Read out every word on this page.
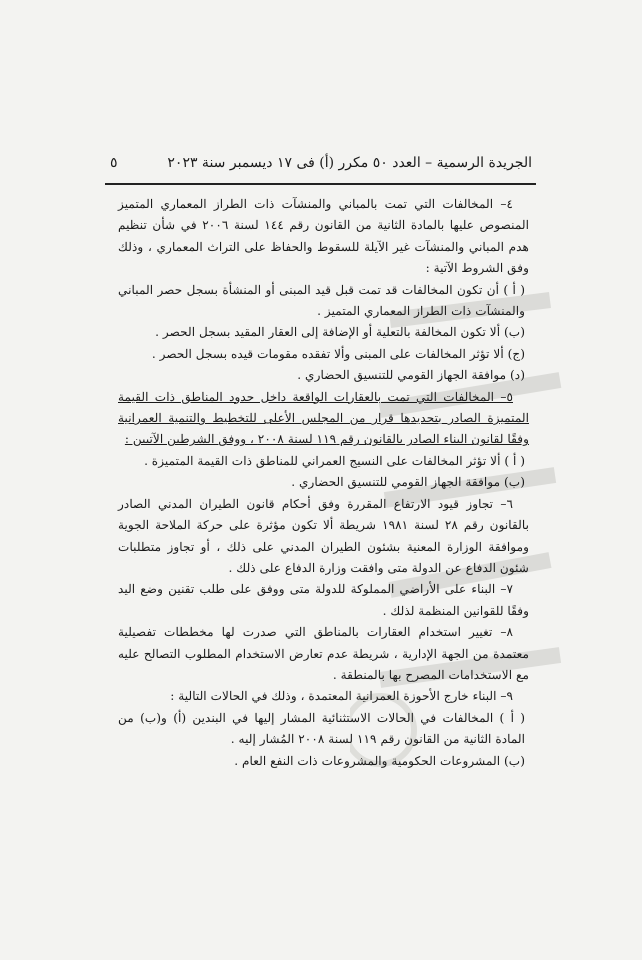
الجريدة الرسمية – العدد ٥٠ مكرر (أ) فى ١٧ ديسمبر سنة ٢٠٢٣
٥

٤– المخالفات التي تمت بالمباني والمنشآت ذات الطراز المعماري المتميز المنصوص عليها بالمادة الثانية من القانون رقم ١٤٤ لسنة ٢٠٠٦ في شأن تنظيم هدم المباني والمنشآت غير الآيلة للسقوط والحفاظ على التراث المعماري ، وذلك وفق الشروط الآتية :

( أ ) أن تكون المخالفات قد تمت قبل قيد المبنى أو المنشأة بسجل حصر المباني والمنشآت ذات الطراز المعماري المتميز .

(ب) ألا تكون المخالفة بالتعلية أو الإضافة إلى العقار المقيد بسجل الحصر .

(ج) ألا تؤثر المخالفات على المبنى وألا تفقده مقومات قيده بسجل الحصر .

(د) موافقة الجهاز القومي للتنسيق الحضاري .

٥– المخالفات التي تمت بالعقارات الواقعة داخل حدود المناطق ذات القيمة المتميزة الصادر بتحديدها قرار من المجلس الأعلى للتخطيط والتنمية العمرانية وفقًا لقانون البناء الصادر بالقانون رقم ١١٩ لسنة ٢٠٠٨ ، ووفق الشرطين الآتيين :

( أ ) ألا تؤثر المخالفات على النسيج العمراني للمناطق ذات القيمة المتميزة .

(ب) موافقة الجهاز القومي للتنسيق الحضاري .

٦– تجاوز قيود الارتفاع المقررة وفق أحكام قانون الطيران المدني الصادر بالقانون رقم ٢٨ لسنة ١٩٨١ شريطة ألا تكون مؤثرة على حركة الملاحة الجوية وموافقة الوزارة المعنية بشئون الطيران المدني على ذلك ، أو تجاوز متطلبات شئون الدفاع عن الدولة متى وافقت وزارة الدفاع على ذلك .

٧– البناء على الأراضي المملوكة للدولة متى ووفق على طلب تقنين وضع اليد وفقًا للقوانين المنظمة لذلك .

٨– تغيير استخدام العقارات بالمناطق التي صدرت لها مخططات تفصيلية معتمدة من الجهة الإدارية ، شريطة عدم تعارض الاستخدام المطلوب التصالح عليه مع الاستخدامات المصرح بها بالمنطقة .

٩– البناء خارج الأحوزة العمرانية المعتمدة ، وذلك في الحالات التالية :

( أ ) المخالفات في الحالات الاستثنائية المشار إليها في البندين (أ) و(ب) من المادة الثانية من القانون رقم ١١٩ لسنة ٢٠٠٨ المُشار إليه .

(ب) المشروعات الحكومية والمشروعات ذات النفع العام .
